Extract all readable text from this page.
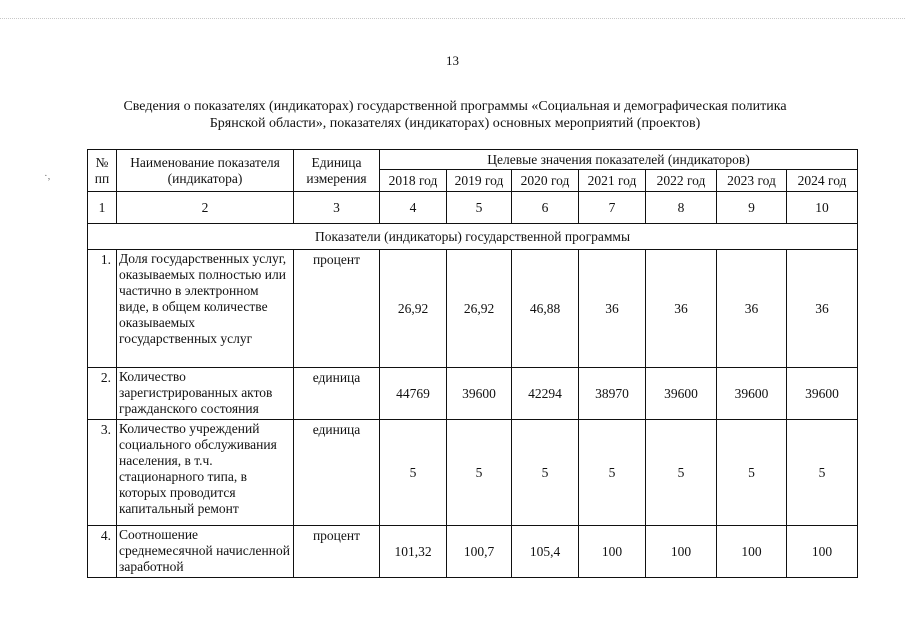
·,
13
Сведения о показателях (индикаторах) государственной программы «Социальная и демографическая политика
Брянской области», показателях (индикаторах) основных мероприятий (проектов)
№ пп	Наименование показателя (индикатора)	Единица измерения	Целевые значения показателей (индикаторов)						
			2018 год	2019 год	2020 год	2021 год	2022 год	2023 год	2024 год
1	2	3	4	5	6	7	8	9	10
Показатели (индикаторы) государственной программы									
1.	Доля государственных услуг, оказываемых полностью или частично в электронном виде, в общем количестве оказываемых государственных услуг	процент	26,92	26,92	46,88	36	36	36	36
2.	Количество зарегистрированных актов гражданского состояния	единица	44769	39600	42294	38970	39600	39600	39600
3.	Количество учреждений социального обслуживания населения, в т.ч. стационарного типа, в которых проводится капитальный ремонт	единица	5	5	5	5	5	5	5
4.	Соотношение среднемесячной начисленной заработной	процент	101,32	100,7	105,4	100	100	100	100
